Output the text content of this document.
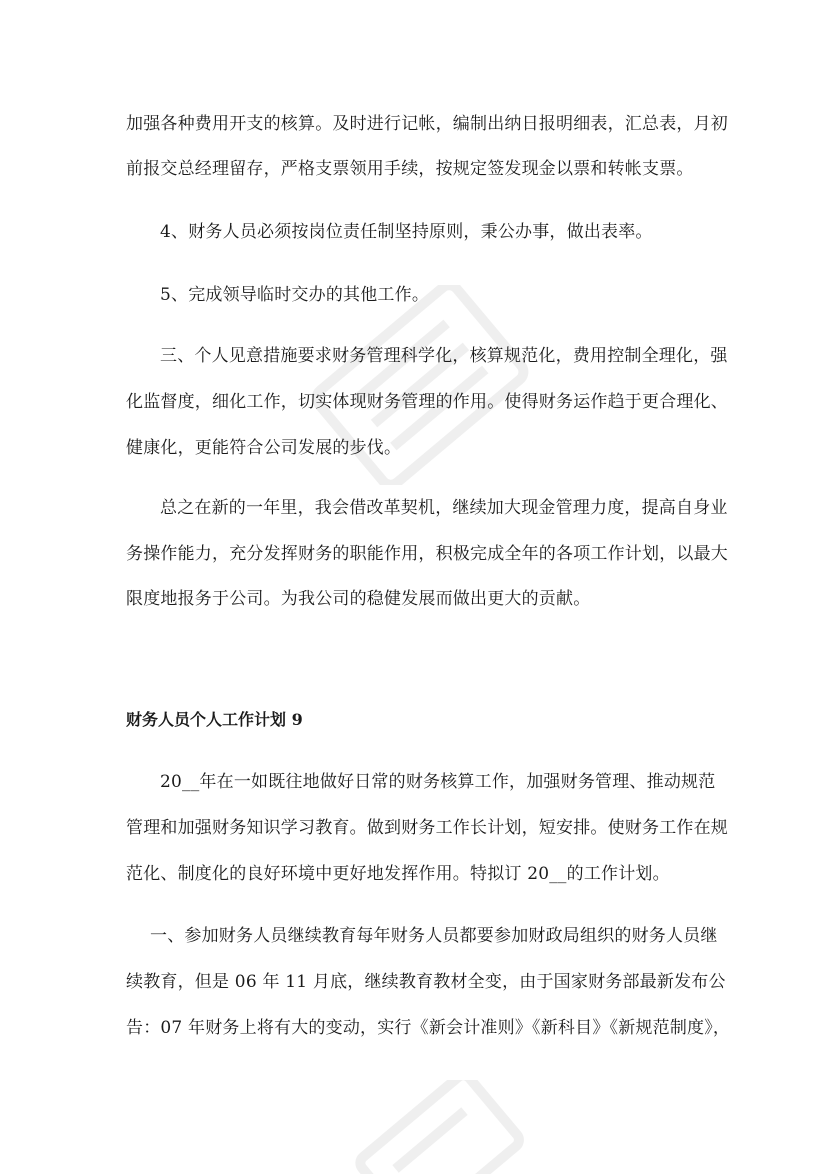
加强各种费用开支的核算。及时进行记帐，编制出纳日报明细表，汇总表，月初
前报交总经理留存，严格支票领用手续，按规定签发现金以票和转帐支票。
4、财务人员必须按岗位责任制坚持原则，秉公办事，做出表率。
5、完成领导临时交办的其他工作。
三、个人见意措施要求财务管理科学化，核算规范化，费用控制全理化，强
化监督度，细化工作，切实体现财务管理的作用。使得财务运作趋于更合理化、
健康化，更能符合公司发展的步伐。
总之在新的一年里，我会借改革契机，继续加大现金管理力度，提高自身业
务操作能力，充分发挥财务的职能作用，积极完成全年的各项工作计划，以最大
限度地报务于公司。为我公司的稳健发展而做出更大的贡献。
财务人员个人工作计划 9
20__年在一如既往地做好日常的财务核算工作，加强财务管理、推动规范
管理和加强财务知识学习教育。做到财务工作长计划，短安排。使财务工作在规
范化、制度化的良好环境中更好地发挥作用。特拟订 20__的工作计划。
一、参加财务人员继续教育每年财务人员都要参加财政局组织的财务人员继
续教育，但是 06 年 11 月底，继续教育教材全变，由于国家财务部最新发布公
告：07 年财务上将有大的变动，实行《新会计准则》《新科目》《新规范制度》，
